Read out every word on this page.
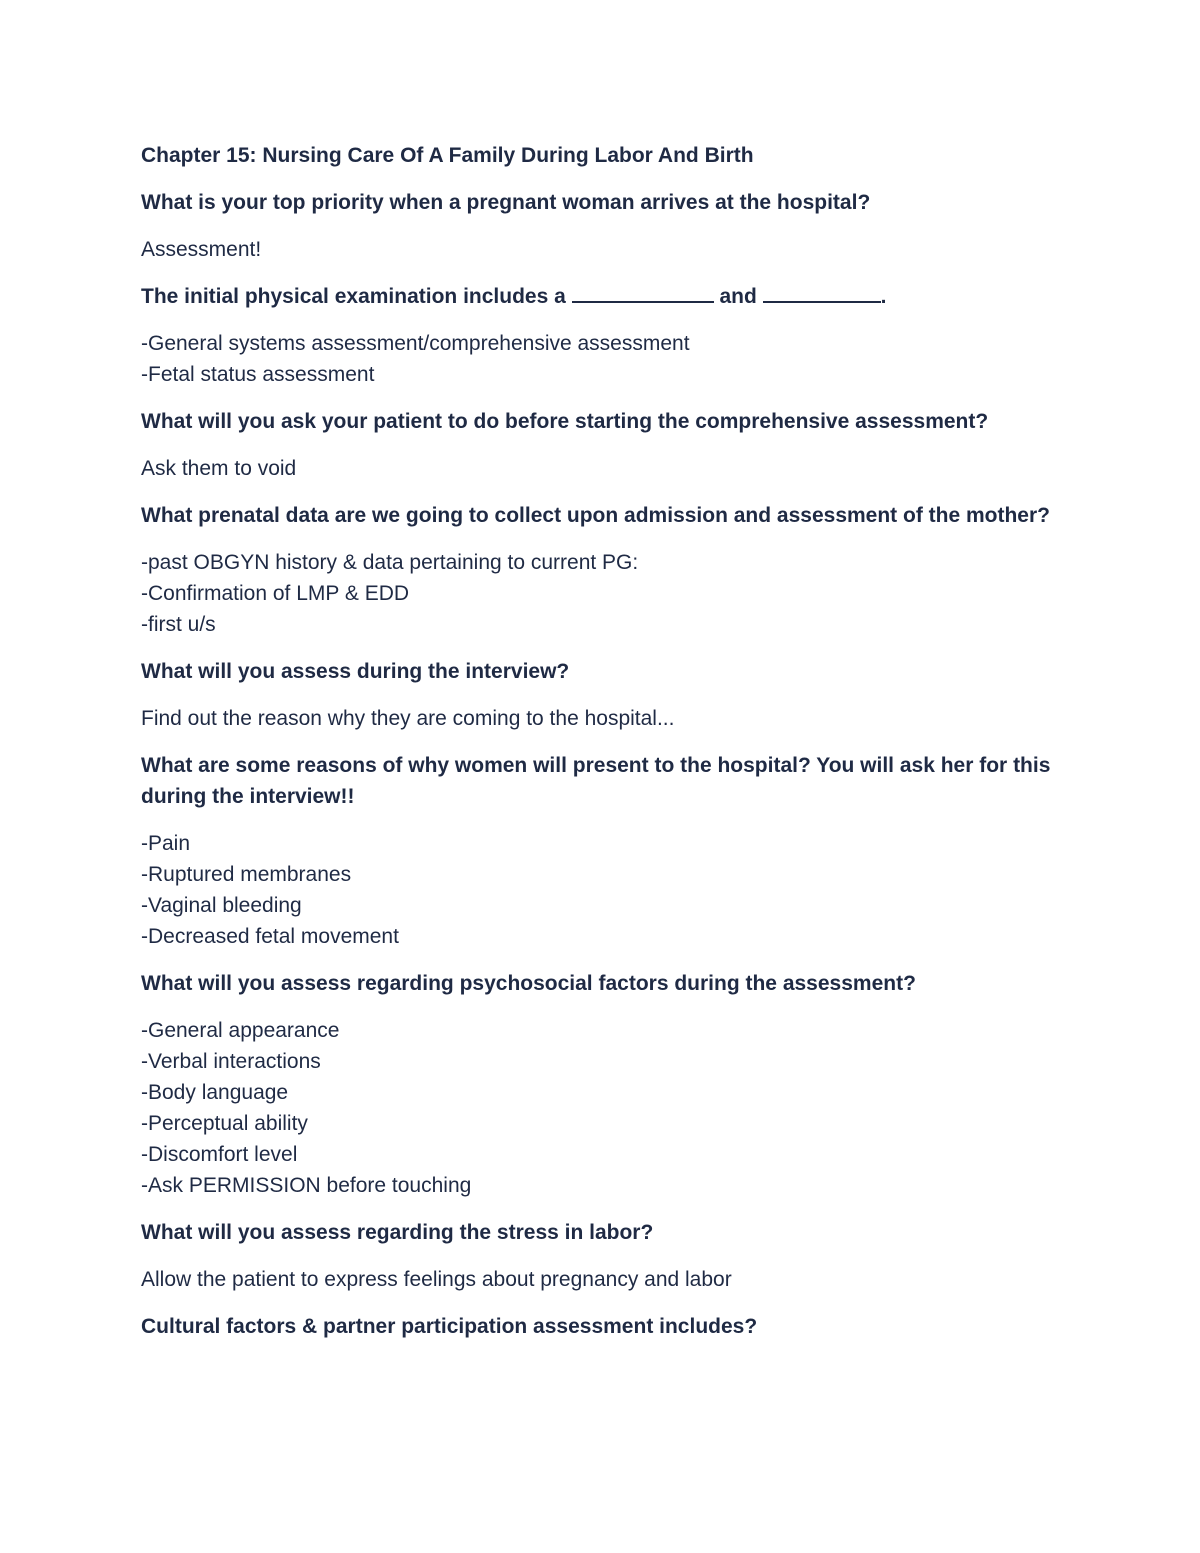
Chapter 15: Nursing Care Of A Family During Labor And Birth

What is your top priority when a pregnant woman arrives at the hospital?

Assessment!

The initial physical examination includes a	and	.

-General systems assessment/comprehensive assessment
-Fetal status assessment

What will you ask your patient to do before starting the comprehensive assessment?

Ask them to void

What prenatal data are we going to collect upon admission and assessment of the mother?

-past OBGYN history & data pertaining to current PG:
-Confirmation of LMP & EDD
-first u/s

What will you assess during the interview?

Find out the reason why they are coming to the hospital...

What are some reasons of why women will present to the hospital? You will ask her for this during the interview!!

-Pain
-Ruptured membranes
-Vaginal bleeding
-Decreased fetal movement

What will you assess regarding psychosocial factors during the assessment?

-General appearance
-Verbal interactions
-Body language
-Perceptual ability
-Discomfort level
-Ask PERMISSION before touching

What will you assess regarding the stress in labor?

Allow the patient to express feelings about pregnancy and labor

Cultural factors & partner participation assessment includes?
